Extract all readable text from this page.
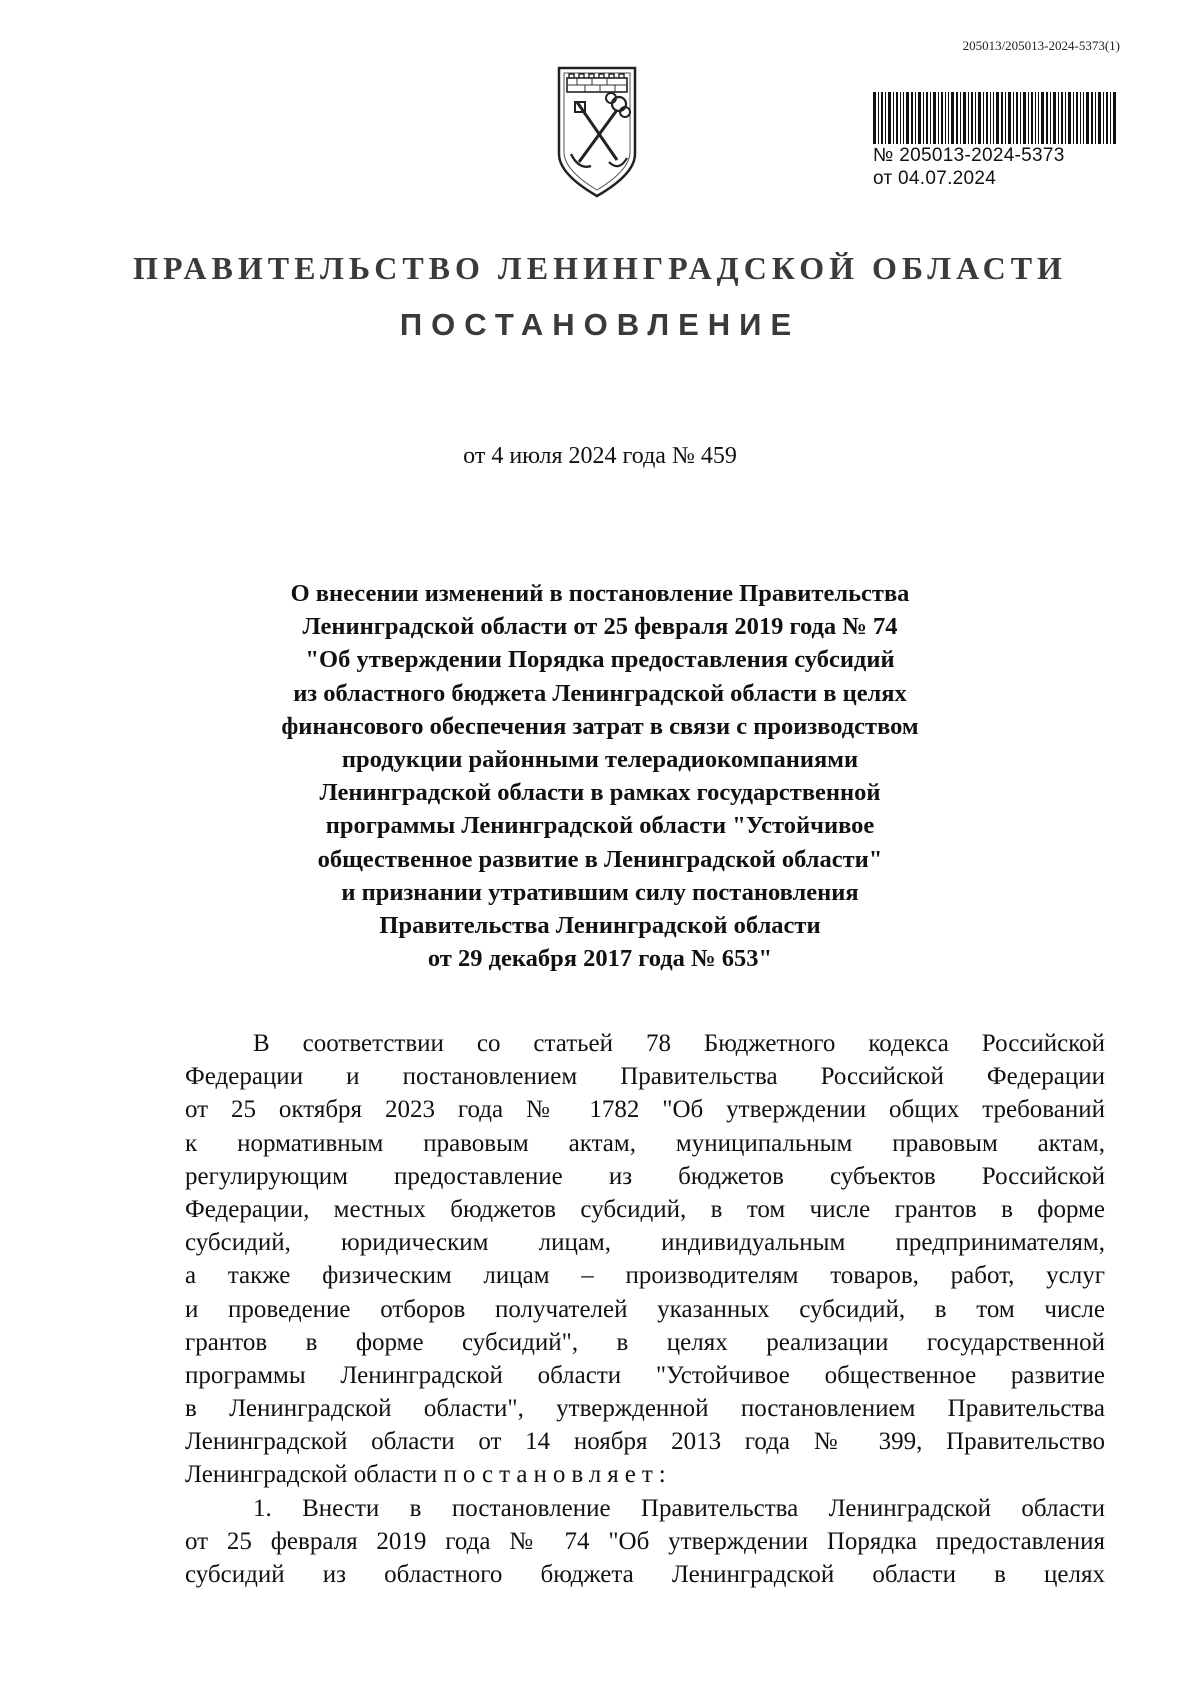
205013/205013-2024-5373(1)
№ 205013-2024-5373
от 04.07.2024
ПРАВИТЕЛЬСТВО ЛЕНИНГРАДСКОЙ ОБЛАСТИ
ПОСТАНОВЛЕНИЕ
от 4 июля 2024 года № 459
О внесении изменений в постановление Правительства
Ленинградской области от 25 февраля 2019 года № 74
"Об утверждении Порядка предоставления субсидий
из областного бюджета Ленинградской области в целях
финансового обеспечения затрат в связи с производством
продукции районными телерадиокомпаниями
Ленинградской области в рамках государственной
программы Ленинградской области "Устойчивое
общественное развитие в Ленинградской области"
и признании утратившим силу постановления
Правительства Ленинградской области
от 29 декабря 2017 года № 653"
В соответствии со статьей 78 Бюджетного кодекса Российской
Федерации и постановлением Правительства Российской Федерации
от 25 октября 2023 года № 1782 "Об утверждении общих требований
к нормативным правовым актам, муниципальным правовым актам,
регулирующим предоставление из бюджетов субъектов Российской
Федерации, местных бюджетов субсидий, в том числе грантов в форме
субсидий, юридическим лицам, индивидуальным предпринимателям,
а также физическим лицам – производителям товаров, работ, услуг
и проведение отборов получателей указанных субсидий, в том числе
грантов в форме субсидий", в целях реализации государственной
программы Ленинградской области "Устойчивое общественное развитие
в Ленинградской области", утвержденной постановлением Правительства
Ленинградской области от 14 ноября 2013 года № 399, Правительство
Ленинградской области постановляет:
1. Внести в постановление Правительства Ленинградской области
от 25 февраля 2019 года № 74 "Об утверждении Порядка предоставления
субсидий из областного бюджета Ленинградской области в целях
